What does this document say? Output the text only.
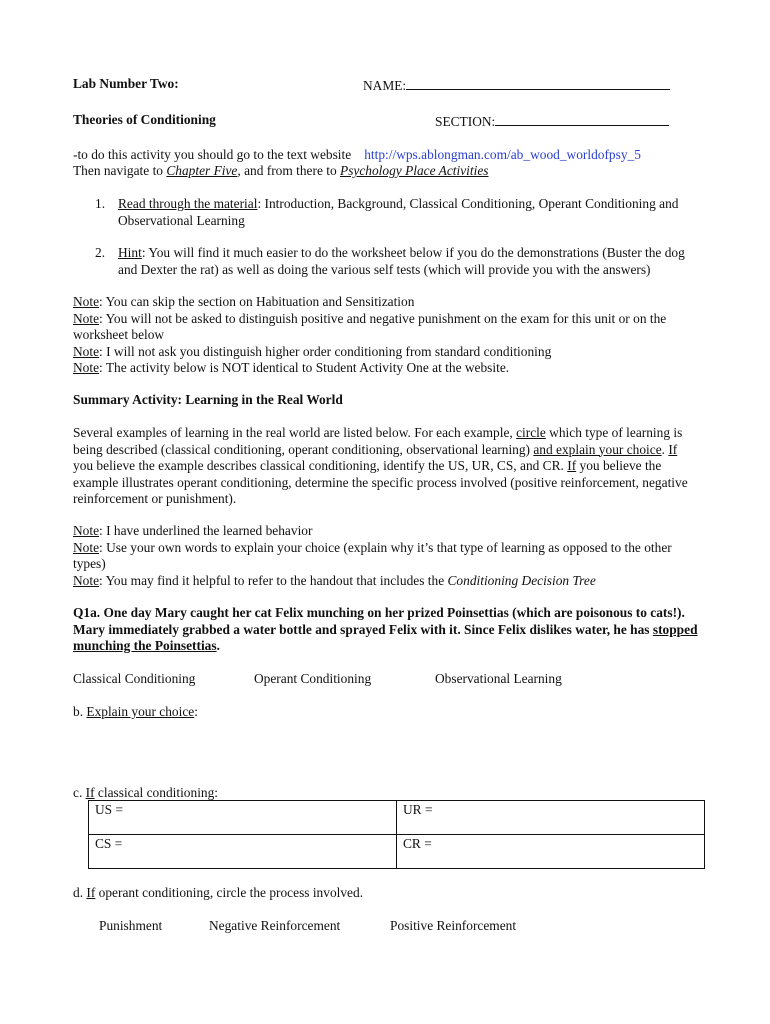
Lab Number Two:	NAME:
Theories of Conditioning	SECTION:
-to do this activity you should go to the text website http://wps.ablongman.com/ab_wood_worldofpsy_5
Then navigate to Chapter Five, and from there to Psychology Place Activities
1. Read through the material: Introduction, Background, Classical Conditioning, Operant Conditioning and Observational Learning
2. Hint: You will find it much easier to do the worksheet below if you do the demonstrations (Buster the dog and Dexter the rat) as well as doing the various self tests (which will provide you with the answers)

Note: You can skip the section on Habituation and Sensitization

Note: You will not be asked to distinguish positive and negative punishment on the exam for this unit or on the worksheet below

Note: I will not ask you distinguish higher order conditioning from standard conditioning

Note: The activity below is NOT identical to Student Activity One at the website.

Summary Activity: Learning in the Real World
Several examples of learning in the real world are listed below. For each example, circle which type of learning is being described (classical conditioning, operant conditioning, observational learning) and explain your choice. If you believe the example describes classical conditioning, identify the US, UR, CS, and CR. If you believe the example illustrates operant conditioning, determine the specific process involved (positive reinforcement, negative reinforcement or punishment).

Note: I have underlined the learned behavior

Note: Use your own words to explain your choice (explain why it’s that type of learning as opposed to the other types)

Note: You may find it helpful to refer to the handout that includes the Conditioning Decision Tree

Q1a. One day Mary caught her cat Felix munching on her prized Poinsettias (which are poisonous to cats!). Mary immediately grabbed a water bottle and sprayed Felix with it. Since Felix dislikes water, he has stopped munching the Poinsettias.
Classical Conditioning	Operant Conditioning	Observational Learning
b. Explain your choice:
c. If classical conditioning:
US =	UR =
CS =	CR =
d. If operant conditioning, circle the process involved.
Punishment	Negative Reinforcement	Positive Reinforcement
